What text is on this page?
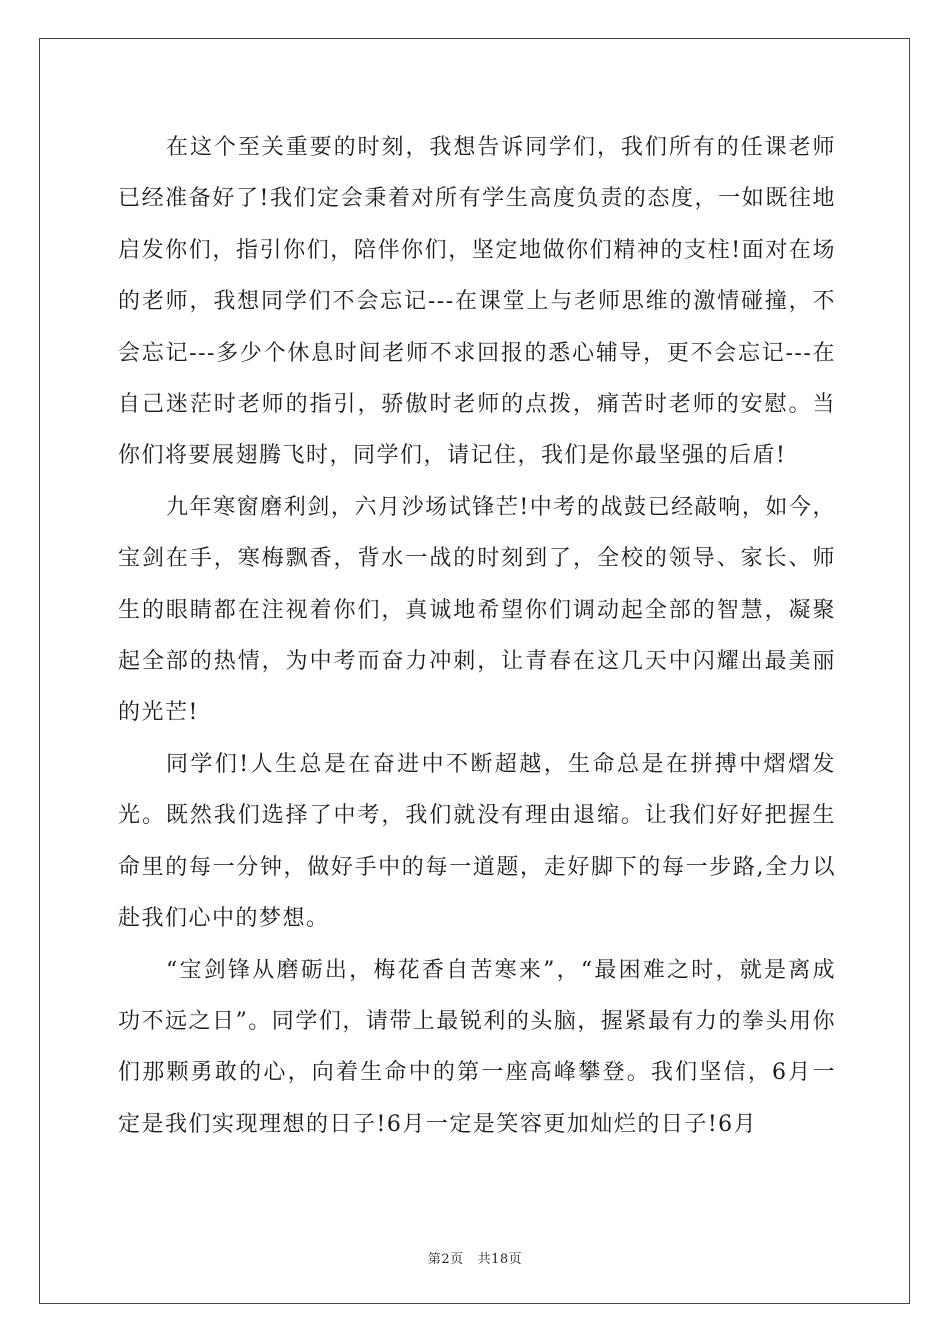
在这个至关重要的时刻，我想告诉同学们，我们所有的任课老师已经准备好了!我们定会秉着对所有学生高度负责的态度，一如既往地启发你们，指引你们，陪伴你们，坚定地做你们精神的支柱!面对在场的老师，我想同学们不会忘记---在课堂上与老师思维的激情碰撞，不会忘记---多少个休息时间老师不求回报的悉心辅导，更不会忘记---在自己迷茫时老师的指引，骄傲时老师的点拨，痛苦时老师的安慰。当你们将要展翅腾飞时，同学们，请记住，我们是你最坚强的后盾!

九年寒窗磨利剑，六月沙场试锋芒!中考的战鼓已经敲响，如今，宝剑在手，寒梅飘香，背水一战的时刻到了，全校的领导、家长、师生的眼睛都在注视着你们，真诚地希望你们调动起全部的智慧，凝聚起全部的热情，为中考而奋力冲刺，让青春在这几天中闪耀出最美丽的光芒!

同学们!人生总是在奋进中不断超越，生命总是在拼搏中熠熠发光。既然我们选择了中考，我们就没有理由退缩。让我们好好把握生命里的每一分钟，做好手中的每一道题，走好脚下的每一步路,全力以赴我们心中的梦想。

“宝剑锋从磨砺出，梅花香自苦寒来”，“最困难之时，就是离成功不远之日”。同学们，请带上最锐利的头脑，握紧最有力的拳头用你们那颗勇敢的心，向着生命中的第一座高峰攀登。我们坚信，6月一定是我们实现理想的日子!6月一定是笑容更加灿烂的日子!6月

第2页 共18页
